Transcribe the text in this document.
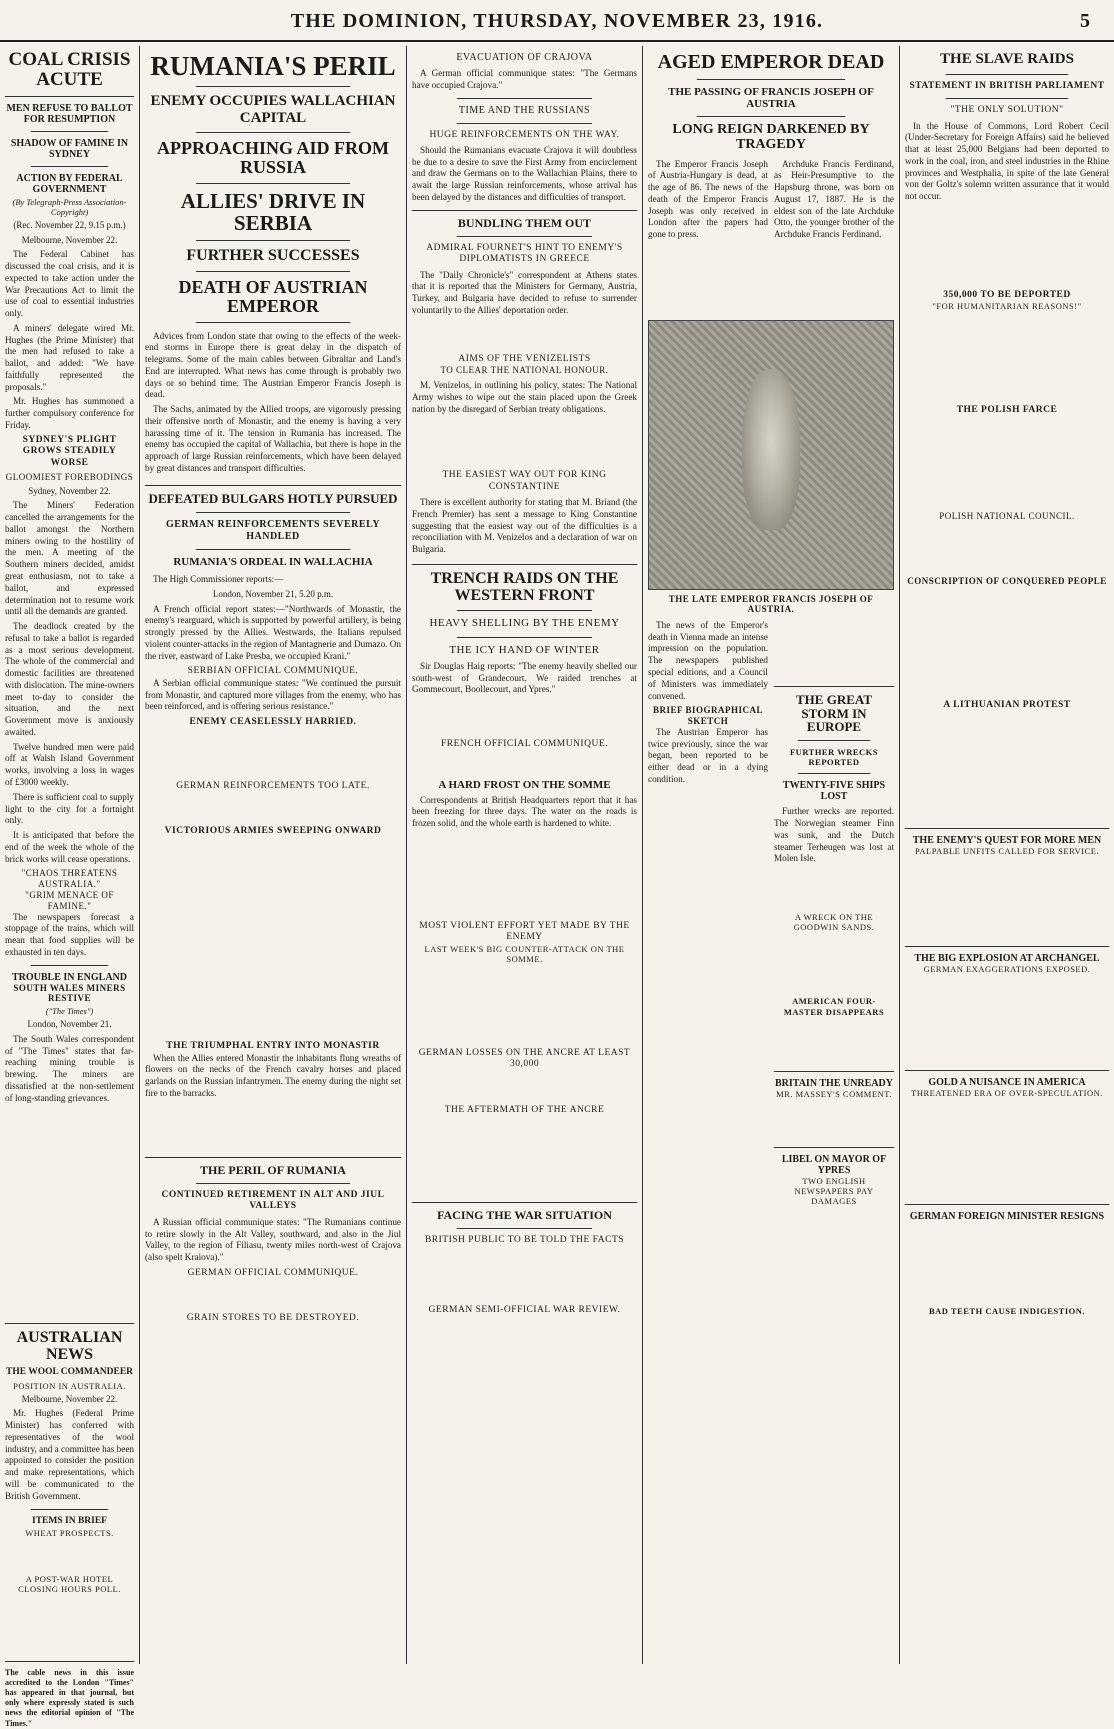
THE DOMINION, THURSDAY, NOVEMBER 23, 1916.	5
COAL CRISIS ACUTE
MEN REFUSE TO BALLOT FOR RESUMPTION
SHADOW OF FAMINE IN SYDNEY
ACTION BY FEDERAL GOVERNMENT
(By Telegraph-Press Association-Copyright)
(Rec. November 22, 9.15 p.m.)
Melbourne, November 22.
The Federal Cabinet has discussed the coal crisis, and it is expected to take action under the War Precautions Act to limit the use of coal to essential industries only.
A miners' delegate wired Mr. Hughes (the Prime Minister) that the men had refused to take a ballot, and added: "We have faithfully represented the proposals."
Mr. Hughes has summoned a further compulsory conference for Friday.
SYDNEY'S PLIGHT GROWS STEADILY WORSE
GLOOMIEST FOREBODINGS
Sydney, November 22.
The Miners' Federation cancelled the arrangements for the ballot amongst the Northern miners owing to the hostility of the men. A meeting of the Southern miners decided, amidst great enthusiasm, not to take a ballot, and expressed determination not to resume work until all the demands are granted.
The deadlock created by the refusal to take a ballot is regarded as a most serious development. The whole of the commercial and domestic facilities are threatened with dislocation. The mine-owners meet to-day to consider the situation, and the next Government move is anxiously awaited.
Twelve hundred men were paid off at Walsh Island Government works, involving a loss in wages of £3000 weekly.
There is sufficient coal to supply light to the city for a fortnight only.
It is anticipated that before the end of the week the whole of the brick works will cease operations.
"CHAOS THREATENS AUSTRALIA."
"GRIM MENACE OF FAMINE."
The newspapers forecast a stoppage of the trains, which will mean that food supplies will be exhausted in ten days.
TROUBLE IN ENGLAND
SOUTH WALES MINERS RESTIVE
("The Times")
London, November 21.
The South Wales correspondent of "The Times" states that far-reaching mining trouble is brewing. The miners are dissatisfied at the non-settlement of long-standing grievances.
AUSTRALIAN NEWS
THE WOOL COMMANDEER
POSITION IN AUSTRALIA.
Melbourne, November 22.
Mr. Hughes (Federal Prime Minister) has conferred with representatives of the wool industry, and a committee has been appointed to consider the position and make representations, which will be communicated to the British Government.
ITEMS IN BRIEF
WHEAT PROSPECTS.
A POST-WAR HOTEL CLOSING HOURS POLL.
The cable news in this issue accredited to the London "Times" has appeared in that journal, but only where expressly stated is such news the editorial opinion of "The Times."
RUMANIA'S PERIL
ENEMY OCCUPIES WALLACHIAN CAPITAL
APPROACHING AID FROM RUSSIA
ALLIES' DRIVE IN SERBIA
FURTHER SUCCESSES
DEATH OF AUSTRIAN EMPEROR
Advices from London state that owing to the effects of the week-end storms in Europe there is great delay in the dispatch of telegrams. Some of the main cables between Gibraltar and Land's End are interrupted. What news has come through is probably two days or so behind time. The Austrian Emperor Francis Joseph is dead.
The Sachs, animated by the Allied troops, are vigorously pressing their offensive north of Monastir, and the enemy is having a very harassing time of it. The tension in Rumania has increased. The enemy has occupied the capital of Wallachia, but there is hope in the approach of large Russian reinforcements, which have been delayed by great distances and transport difficulties.
DEFEATED BULGARS HOTLY PURSUED
GERMAN REINFORCEMENTS SEVERELY HANDLED
RUMANIA'S ORDEAL IN WALLACHIA
The High Commissioner reports:—
London, November 21, 5.20 p.m.
A French official report states:—"Northwards of Monastir, the enemy's rearguard, which is supported by powerful artillery, is being strongly pressed by the Allies. Westwards, the Italians repulsed violent counter-attacks in the region of Mantagnerie and Dumazo. On the river, eastward of Lake Presba, we occupied Krani."
SERBIAN OFFICIAL COMMUNIQUE.
A Serbian official communique states: "We continued the pursuit from Monastir, and captured more villages from the enemy, who has been reinforced, and is offering serious resistance."
ENEMY CEASELESSLY HARRIED.
GERMAN REINFORCEMENTS TOO LATE.
VICTORIOUS ARMIES SWEEPING ONWARD
THE TRIUMPHAL ENTRY INTO MONASTIR
When the Allies entered Monastir the inhabitants flung wreaths of flowers on the necks of the French cavalry horses and placed garlands on the Russian infantrymen. The enemy during the night set fire to the barracks.
THE PERIL OF RUMANIA
CONTINUED RETIREMENT IN ALT AND JIUL VALLEYS
A Russian official communique states: "The Rumanians continue to retire slowly in the Alt Valley, southward, and also in the Jiul Valley, to the region of Filiasu, twenty miles north-west of Crajova (also spelt Kraiova)."
GERMAN OFFICIAL COMMUNIQUE.
GRAIN STORES TO BE DESTROYED.
EVACUATION OF CRAJOVA
A German official communique states: "The Germans have occupied Crajova."
TIME AND THE RUSSIANS
HUGE REINFORCEMENTS ON THE WAY.
Should the Rumanians evacuate Crajova it will doubtless be due to a desire to save the First Army from encirclement and draw the Germans on to the Wallachian Plains, there to await the large Russian reinforcements, whose arrival has been delayed by the distances and difficulties of transport.
BUNDLING THEM OUT
ADMIRAL FOURNET'S HINT TO ENEMY'S DIPLOMATISTS IN GREECE
The "Daily Chronicle's" correspondent at Athens states that it is reported that the Ministers for Germany, Austria, Turkey, and Bulgaria have decided to refuse to surrender voluntarily to the Allies' deportation order.
AIMS OF THE VENIZELISTS
TO CLEAR THE NATIONAL HONOUR.
M. Venizelos, in outlining his policy, states: The National Army wishes to wipe out the stain placed upon the Greek nation by the disregard of Serbian treaty obligations.
THE EASIEST WAY OUT FOR KING CONSTANTINE
There is excellent authority for stating that M. Briand (the French Premier) has sent a message to King Constantine suggesting that the easiest way out of the difficulties is a reconciliation with M. Venizelos and a declaration of war on Bulgaria.
TRENCH RAIDS ON THE WESTERN FRONT
HEAVY SHELLING BY THE ENEMY
THE ICY HAND OF WINTER
Sir Douglas Haig reports: "The enemy heavily shelled our south-west of Grandecourt. We raided trenches at Gommecourt, Boollecourt, and Ypres."
FRENCH OFFICIAL COMMUNIQUE.
A HARD FROST ON THE SOMME
Correspondents at British Headquarters report that it has been freezing for three days. The water on the roads is frozen solid, and the whole earth is hardened to white.
MOST VIOLENT EFFORT YET MADE BY THE ENEMY
LAST WEEK'S BIG COUNTER-ATTACK ON THE SOMME.
GERMAN LOSSES ON THE ANCRE AT LEAST 30,000
THE AFTERMATH OF THE ANCRE
FACING THE WAR SITUATION
BRITISH PUBLIC TO BE TOLD THE FACTS
GERMAN SEMI-OFFICIAL WAR REVIEW.
AGED EMPEROR DEAD
THE PASSING OF FRANCIS JOSEPH OF AUSTRIA
LONG REIGN DARKENED BY TRAGEDY
The Emperor Francis Joseph of Austria-Hungary is dead, at the age of 86. The news of the death of the Emperor Francis Joseph was only received in London after the papers had gone to press.
Archduke Francis Ferdinand, as Heir-Presumptive to the Hapsburg throne, was born on August 17, 1887. He is the eldest son of the late Archduke Otto, the younger brother of the Archduke Francis Ferdinand.
THE LATE EMPEROR FRANCIS JOSEPH OF AUSTRIA.
The news of the Emperor's death in Vienna made an intense impression on the population. The newspapers published special editions, and a Council of Ministers was immediately convened.
BRIEF BIOGRAPHICAL SKETCH
The Austrian Emperor has twice previously, since the war began, been reported to be either dead or in a dying condition.
THE GREAT STORM IN EUROPE
FURTHER WRECKS REPORTED
TWENTY-FIVE SHIPS LOST
Further wrecks are reported. The Norwegian steamer Finn was sunk, and the Dutch steamer Terheugen was lost at Molen Isle.
A WRECK ON THE GOODWIN SANDS.
AMERICAN FOUR-MASTER DISAPPEARS
BRITAIN THE UNREADY
MR. MASSEY'S COMMENT.
LIBEL ON MAYOR OF YPRES
TWO ENGLISH NEWSPAPERS PAY DAMAGES
THE SLAVE RAIDS
STATEMENT IN BRITISH PARLIAMENT
"THE ONLY SOLUTION"
In the House of Commons, Lord Robert Cecil (Under-Secretary for Foreign Affairs) said he believed that at least 25,000 Belgians had been deported to work in the coal, iron, and steel industries in the Rhine provinces and Westphalia, in spite of the late General von der Goltz's solemn written assurance that it would not occur.
350,000 TO BE DEPORTED
"FOR HUMANITARIAN REASONS!"
THE POLISH FARCE
POLISH NATIONAL COUNCIL.
CONSCRIPTION OF CONQUERED PEOPLE
A LITHUANIAN PROTEST
THE ENEMY'S QUEST FOR MORE MEN
PALPABLE UNFITS CALLED FOR SERVICE.
THE BIG EXPLOSION AT ARCHANGEL
GERMAN EXAGGERATIONS EXPOSED.
GOLD A NUISANCE IN AMERICA
THREATENED ERA OF OVER-SPECULATION.
GERMAN FOREIGN MINISTER RESIGNS
BAD TEETH CAUSE INDIGESTION.
